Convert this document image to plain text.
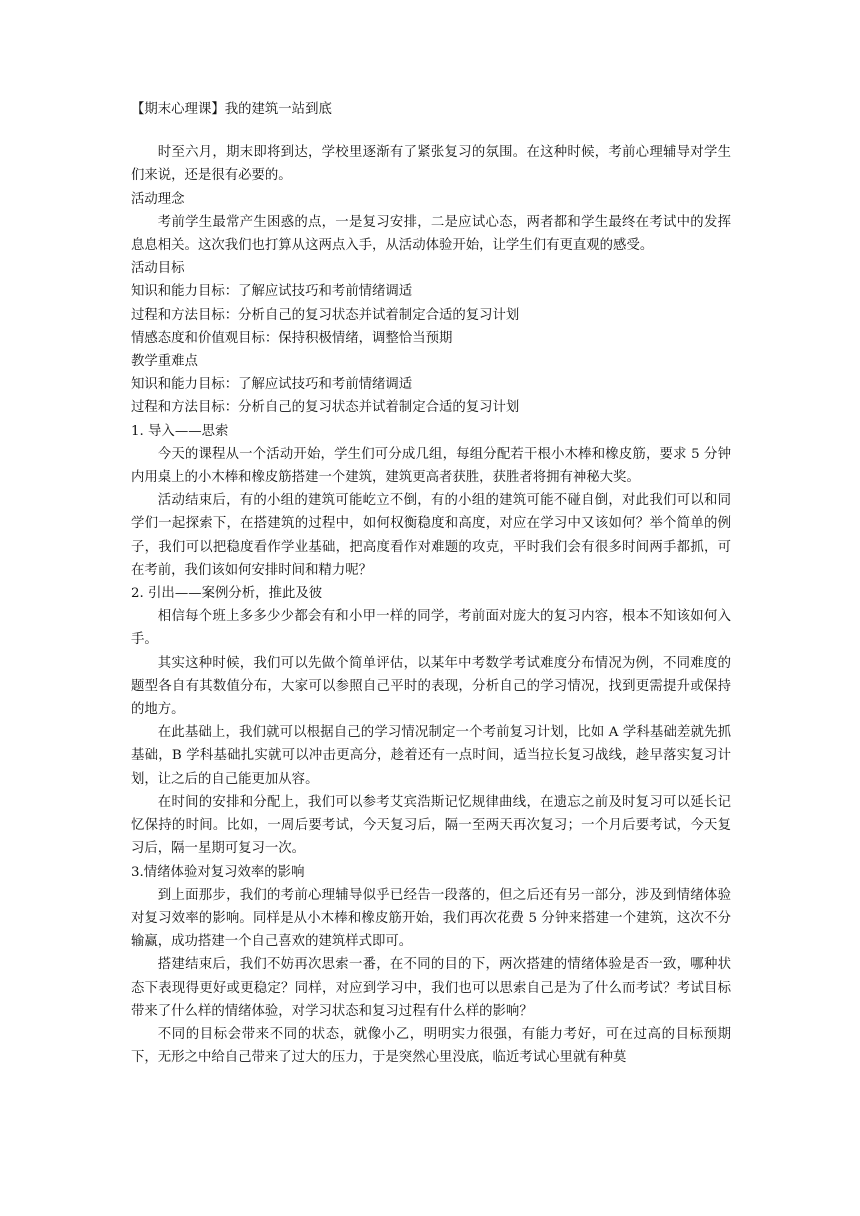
【期末心理课】我的建筑一站到底

时至六月，期末即将到达，学校里逐渐有了紧张复习的氛围。在这种时候，考前心理辅导对学生们来说，还是很有必要的。

活动理念

考前学生最常产生困惑的点，一是复习安排，二是应试心态，两者都和学生最终在考试中的发挥息息相关。这次我们也打算从这两点入手，从活动体验开始，让学生们有更直观的感受。

活动目标

知识和能力目标：了解应试技巧和考前情绪调适

过程和方法目标：分析自己的复习状态并试着制定合适的复习计划

情感态度和价值观目标：保持积极情绪，调整恰当预期

教学重难点

知识和能力目标：了解应试技巧和考前情绪调适

过程和方法目标：分析自己的复习状态并试着制定合适的复习计划

1. 导入——思索

今天的课程从一个活动开始，学生们可分成几组，每组分配若干根小木棒和橡皮筋，要求 5 分钟内用桌上的小木棒和橡皮筋搭建一个建筑，建筑更高者获胜，获胜者将拥有神秘大奖。

活动结束后，有的小组的建筑可能屹立不倒，有的小组的建筑可能不碰自倒，对此我们可以和同学们一起探索下，在搭建筑的过程中，如何权衡稳度和高度，对应在学习中又该如何？举个简单的例子，我们可以把稳度看作学业基础，把高度看作对难题的攻克，平时我们会有很多时间两手都抓，可在考前，我们该如何安排时间和精力呢？

2. 引出——案例分析，推此及彼

相信每个班上多多少少都会有和小甲一样的同学，考前面对庞大的复习内容，根本不知该如何入手。

其实这种时候，我们可以先做个简单评估，以某年中考数学考试难度分布情况为例，不同难度的题型各自有其数值分布，大家可以参照自己平时的表现，分析自己的学习情况，找到更需提升或保持的地方。

在此基础上，我们就可以根据自己的学习情况制定一个考前复习计划，比如 A 学科基础差就先抓基础，B 学科基础扎实就可以冲击更高分，趁着还有一点时间，适当拉长复习战线，趁早落实复习计划，让之后的自己能更加从容。

在时间的安排和分配上，我们可以参考艾宾浩斯记忆规律曲线，在遗忘之前及时复习可以延长记忆保持的时间。比如，一周后要考试，今天复习后，隔一至两天再次复习；一个月后要考试，今天复习后，隔一星期可复习一次。

3.情绪体验对复习效率的影响

到上面那步，我们的考前心理辅导似乎已经告一段落的，但之后还有另一部分，涉及到情绪体验对复习效率的影响。同样是从小木棒和橡皮筋开始，我们再次花费 5 分钟来搭建一个建筑，这次不分输赢，成功搭建一个自己喜欢的建筑样式即可。

搭建结束后，我们不妨再次思索一番，在不同的目的下，两次搭建的情绪体验是否一致，哪种状态下表现得更好或更稳定？同样，对应到学习中，我们也可以思索自己是为了什么而考试？考试目标带来了什么样的情绪体验，对学习状态和复习过程有什么样的影响？

不同的目标会带来不同的状态，就像小乙，明明实力很强，有能力考好，可在过高的目标预期下，无形之中给自己带来了过大的压力，于是突然心里没底，临近考试心里就有种莫
